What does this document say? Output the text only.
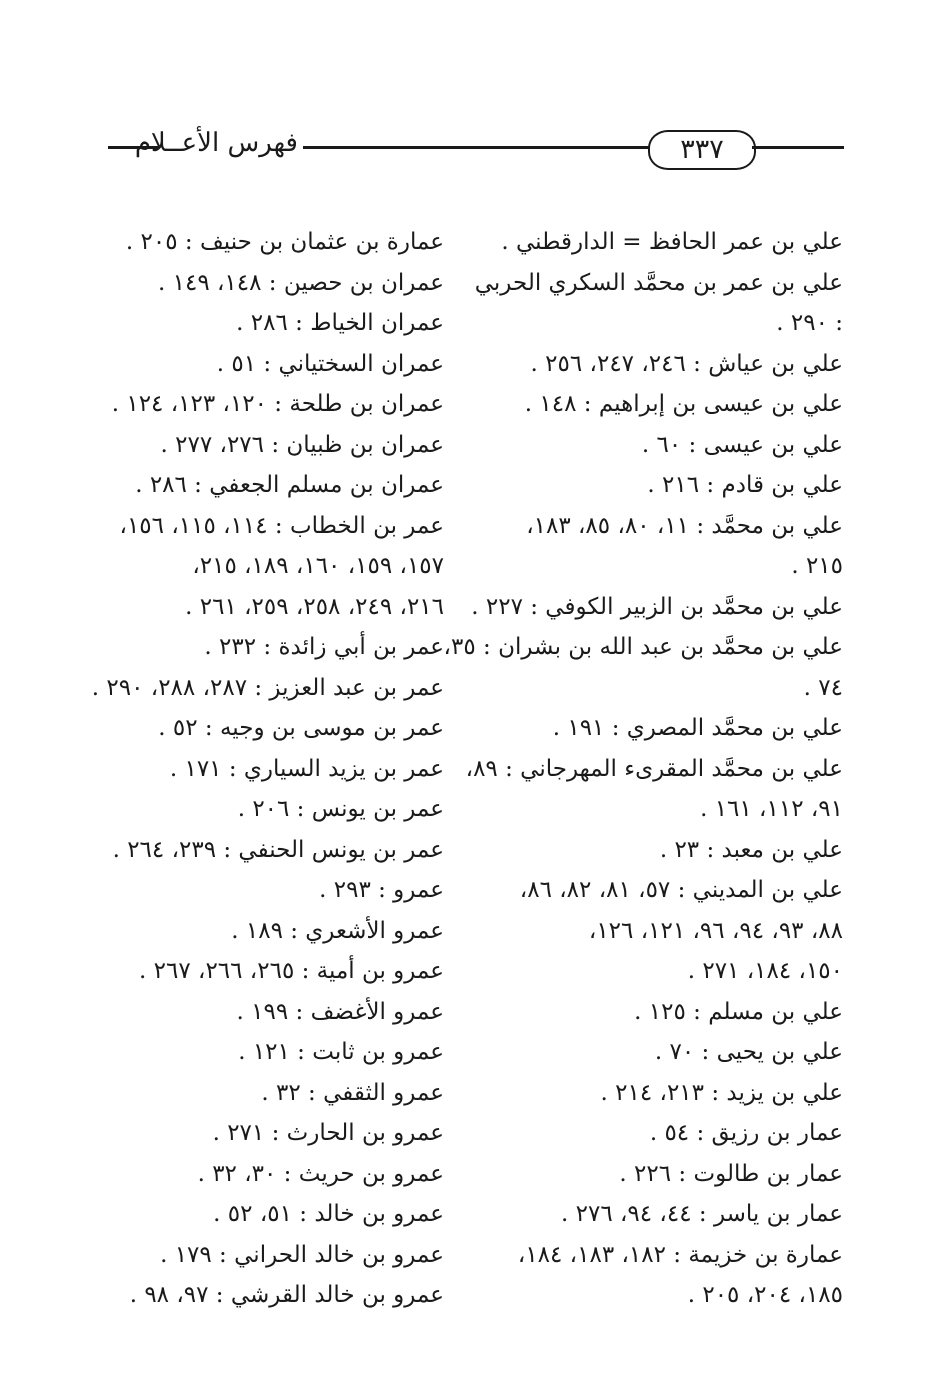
فهرس الأعــلام	٣٣٧
علي بن عمر الحافظ = الدارقطني .
علي بن عمر بن محمَّد السكري الحربي
: ٢٩٠ .
علي بن عياش : ٢٤٦، ٢٤٧، ٢٥٦ .
علي بن عيسى بن إبراهيم : ١٤٨ .
علي بن عيسى : ٦٠ .
علي بن قادم : ٢١٦ .
علي بن محمَّد : ١١، ٨٠، ٨٥، ١٨٣،
٢١٥ .
علي بن محمَّد بن الزبير الكوفي : ٢٢٧ .
علي بن محمَّد بن عبد الله بن بشران : ٣٥،
٧٤ .
علي بن محمَّد المصري : ١٩١ .
علي بن محمَّد المقرىء المهرجاني : ٨٩،
٩١، ١١٢، ١٦١ .
علي بن معبد : ٢٣ .
علي بن المديني : ٥٧، ٨١، ٨٢، ٨٦،
٨٨، ٩٣، ٩٤، ٩٦، ١٢١، ١٢٦،
١٥٠، ١٨٤، ٢٧١ .
علي بن مسلم : ١٢٥ .
علي بن يحيى : ٧٠ .
علي بن يزيد : ٢١٣، ٢١٤ .
عمار بن رزيق : ٥٤ .
عمار بن طالوت : ٢٢٦ .
عمار بن ياسر : ٤٤، ٩٤، ٢٧٦ .
عمارة بن خزيمة : ١٨٢، ١٨٣، ١٨٤،
١٨٥، ٢٠٤، ٢٠٥ .
عمارة بن عثمان بن حنيف : ٢٠٥ .
عمران بن حصين : ١٤٨، ١٤٩ .
عمران الخياط : ٢٨٦ .
عمران السختياني : ٥١ .
عمران بن طلحة : ١٢٠، ١٢٣، ١٢٤ .
عمران بن ظبيان : ٢٧٦، ٢٧٧ .
عمران بن مسلم الجعفي : ٢٨٦ .
عمر بن الخطاب : ١١٤، ١١٥، ١٥٦،
١٥٧، ١٥٩، ١٦٠، ١٨٩، ٢١٥،
٢١٦، ٢٤٩، ٢٥٨، ٢٥٩، ٢٦١ .
عمر بن أبي زائدة : ٢٣٢ .
عمر بن عبد العزيز : ٢٨٧، ٢٨٨، ٢٩٠ .
عمر بن موسى بن وجيه : ٥٢ .
عمر بن يزيد السياري : ١٧١ .
عمر بن يونس : ٢٠٦ .
عمر بن يونس الحنفي : ٢٣٩، ٢٦٤ .
عمرو : ٢٩٣ .
عمرو الأشعري : ١٨٩ .
عمرو بن أمية : ٢٦٥، ٢٦٦، ٢٦٧ .
عمرو الأغضف : ١٩٩ .
عمرو بن ثابت : ١٢١ .
عمرو الثقفي : ٣٢ .
عمرو بن الحارث : ٢٧١ .
عمرو بن حريث : ٣٠، ٣٢ .
عمرو بن خالد : ٥١، ٥٢ .
عمرو بن خالد الحراني : ١٧٩ .
عمرو بن خالد القرشي : ٩٧، ٩٨ .
